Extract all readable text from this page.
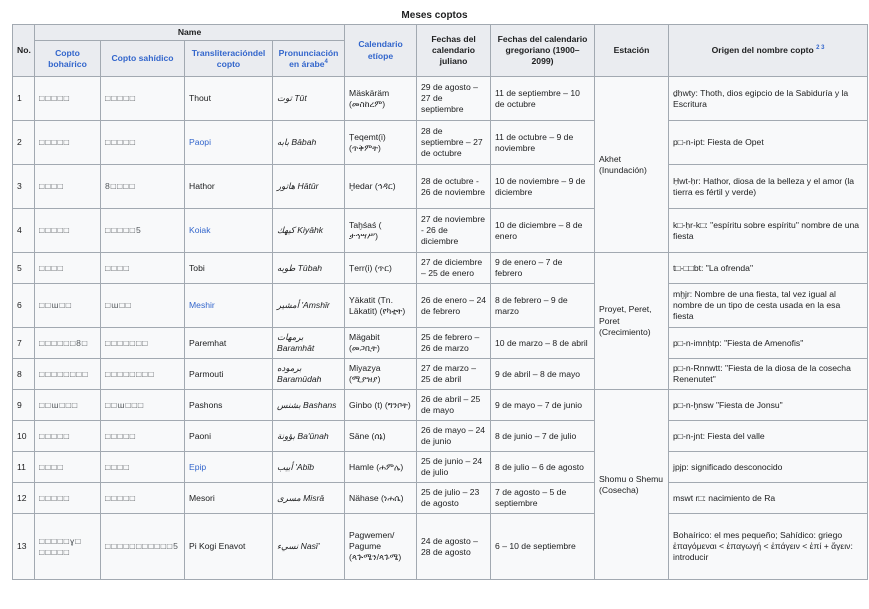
Meses coptos
No.	Name				Calendario etíope	Fechas del calendario juliano	Fechas del calendario gregoriano (1900–2099)	Estación	Origen del nombre copto $^{2 3}$
	Copto bohaírico	Copto sahídico	Transliteracióndel copto	Pronunciación en árabe$^4$
1	□□□□□	□□□□□	Thout	توت Tūt	Mäskäräm (መስከረም)	29 de agosto – 27 de septiembre	11 de septiembre – 10 de octubre	Akhet (Inundación)	ḏḥwty: Thoth, dios egipcio de la Sabiduría y la Escritura
2	□□□□□	□□□□□	Paopi	بابه Bābah	Ṭeqemt(i) (ጥቅምት)	28 de septiembre – 27 de octubre	11 de octubre – 9 de noviembre		p□-n-ipt: Fiesta de Opet
3	□□□□	8□□□□	Hathor	هاتور Hātūr	Ḫedar (ኅዳር)	28 de octubre - 26 de noviembre	10 de noviembre – 9 de diciembre		Ḥwt-ḥr: Hathor, diosa de la belleza y el amor (la tierra es fértil y verde)
4	□□□□□	□□□□□5	Koiak	كيهك Kiyāhk	Taḫśaś ( ታኅሣሥ)	27 de noviembre - 26 de diciembre	10 de diciembre – 8 de enero		k□-ḥr-k□: "espíritu sobre espíritu" nombre de una fiesta
5	□□□□	□□□□	Tobi	طوبه Tūbah	Ṭerr(i) (ጥር)	27 de diciembre – 25 de enero	9 de enero – 7 de febrero	Proyet, Peret, Poret (Crecimiento)	t□-□□bt: "La ofrenda"
6	□□ɯ□□	□ɯ□□	Meshir	أمشير 'Amshīr	Yäkatit (Tn. Läkatit) (የካቲት)	26 de enero – 24 de febrero	8 de febrero – 9 de marzo		mḫjr: Nombre de una fiesta, tal vez igual al nombre de un tipo de cesta usada en la esa fiesta
7	□□□□□□8□	□□□□□□□	Paremhat	برمهات Baramhāt	Mägabit (መጋቢት)	25 de febrero – 26 de marzo	10 de marzo – 8 de abril		p□-n-imnḥtp: "Fiesta de Amenofis"
8	□□□□□□□□	□□□□□□□□	Parmouti	برموده Baramūdah	Miyazya (ሚያዝያ)	27 de marzo – 25 de abril	9 de abril – 8 de mayo		p□-n-Rnnwtt: "Fiesta de la diosa de la cosecha Renenutet"
9	□□ɯ□□□	□□ɯ□□□	Pashons	بشنس Bashans	Ginbo (t) (ግንቦት)	26 de abril – 25 de mayo	9 de mayo – 7 de junio	Shomu o Shemu (Cosecha)	p□-n-ḫnsw "Fiesta de Jonsu"
10	□□□□□	□□□□□	Paoni	بؤونة Ba'ūnah	Säne (ሰኔ)	26 de mayo – 24 de junio	8 de junio – 7 de julio		p□-n-jnt: Fiesta del valle
11	□□□□	□□□□	Epip	أبيب 'Abīb	Hamle (ሐምሌ)	25 de junio – 24 de julio	8 de julio – 6 de agosto		jpjp: significado desconocido
12	□□□□□	□□□□□	Mesori	مسرى Misrā	Nähase (ነሐሴ)	25 de julio – 23 de agosto	7 de agosto – 5 de septiembre		mswt r□: nacimiento de Ra
13	□□□□□ɣ□ □□□□□	□□□□□□□□□□□5	Pi Kogi Enavot	نسيء Nasī'	Pagwemen/ Pagume (ጳጕሜን/ጳጉሜ)	24 de agosto – 28 de agosto	6 – 10 de septiembre		Bohaírico: el mes pequeño; Sahídico: griego ἐπαγόμεναι < ἐπαγωγή < ἐπάγειν < ἐπί + ἄγειν: introducir
